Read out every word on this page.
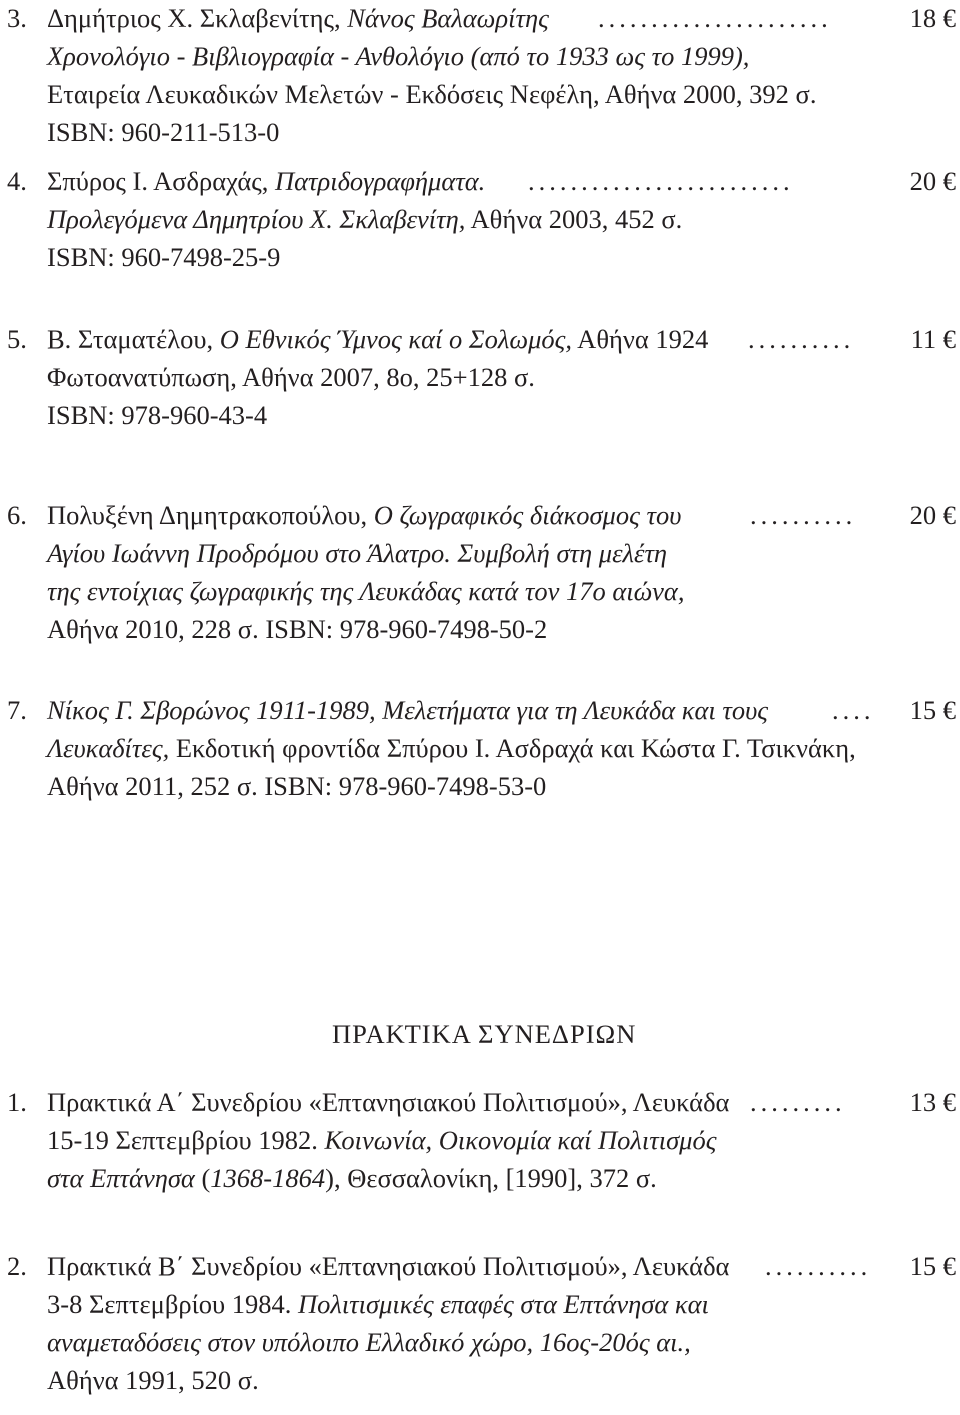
ΠΡΑΚΤΙΚΑ ΣΥΝΕΔΡΙΩΝ
3. Δημήτριος Χ. Σκλαβενίτης, Νάνος Βαλαωρίτης ......................	18 €
Χρονολόγιο - Βιβλιογραφία - Ανθολόγιο (από το 1933 ως το 1999),
Εταιρεία Λευκαδικών Μελετών - Εκδόσεις Νεφέλη, Αθήνα 2000, 392 σ.
ISBN: 960-211-513-0
4. Σπύρος Ι. Ασδραχάς, Πατριδογραφήματα. .........................	20 €
Προλεγόμενα Δημητρίου Χ. Σκλαβενίτη, Αθήνα 2003, 452 σ.
ISBN: 960-7498-25-9
5. Β. Σταματέλου, Ο Εθνικός Ύμνος καί ο Σολωμός, Αθήνα 1924 .......... 11 €
Φωτοανατύπωση, Αθήνα 2007, 8ο, 25+128 σ.
ISBN: 978-960-43-4
6. Πολυξένη Δημητρακοπούλου, Ο ζωγραφικός διάκοσμος του	.......... 20 €
Αγίου Ιωάννη Προδρόμου στο Άλατρο. Συμβολή στη μελέτη
της εντοίχιας ζωγραφικής της Λευκάδας κατά τον 17ο αιώνα,
Αθήνα 2010, 228 σ. ISBN: 978-960-7498-50-2
7. Νίκος Γ. Σβορώνος 1911-1989, Μελετήματα για τη Λευκάδα και τους .... 15 €
Λευκαδίτες, Εκδοτική φροντίδα Σπύρου Ι. Ασδραχά και Κώστα Γ. Τσικνάκη,
Αθήνα 2011, 252 σ. ISBN: 978-960-7498-53-0
1. Πρακτικά Α΄ Συνεδρίου «Επτανησιακού Πολιτισμού», Λευκάδα ......... 13 €
15-19 Σεπτεμβρίου 1982. Κοινωνία, Οικονομία καί Πολιτισμός
στα Επτάνησα (1368-1864), Θεσσαλονίκη, [1990], 372 σ.
2. Πρακτικά Β΄ Συνεδρίου «Επτανησιακού Πολιτισμού», Λευκάδα .......... 15 €
3-8 Σεπτεμβρίου 1984. Πολιτισμικές επαφές στα Επτάνησα και
αναμεταδόσεις στον υπόλοιπο Ελλαδικό χώρο, 16ος-20ός αι.,
Αθήνα 1991, 520 σ.
